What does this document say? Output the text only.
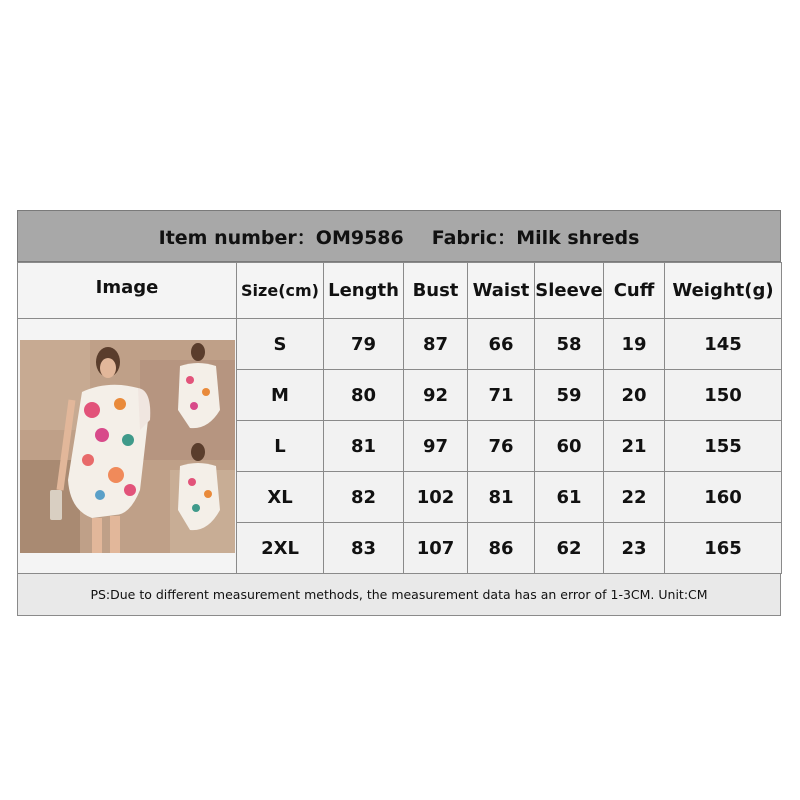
Item number：OM9586 Fabric：Milk shreds
Image	Size(cm)	Length	Bust	Waist	Sleeve	Cuff	Weight(g)

	S	79	87	66	58	19	145
	M	80	92	71	59	20	150
	L	81	97	76	60	21	155
	XL	82	102	81	61	22	160
	2XL	83	107	86	62	23	165
PS:Due to different measurement methods, the measurement data has an error of 1-3CM. Unit:CM
